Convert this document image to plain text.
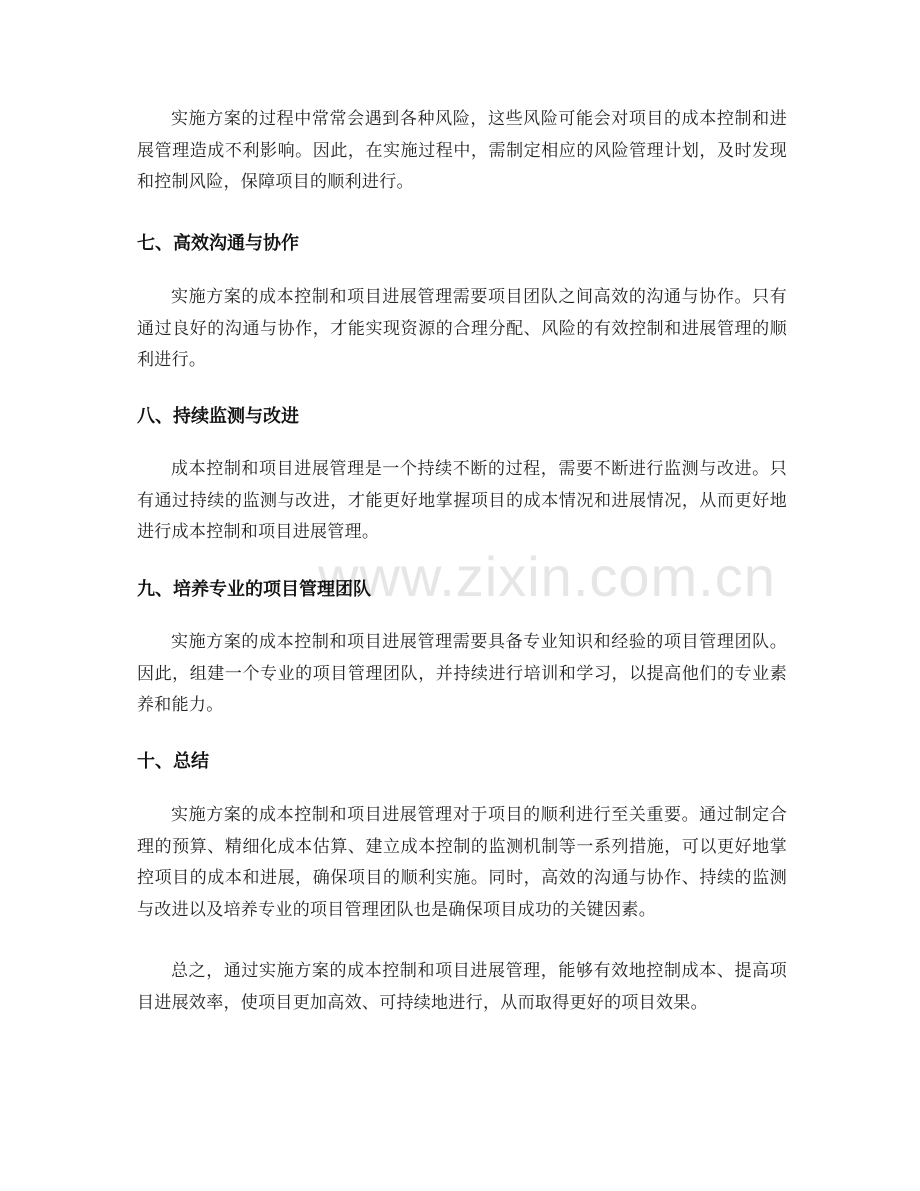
www.zixin.com.cn

实施方案的过程中常常会遇到各种风险，这些风险可能会对项目的成本控制和进展管理造成不利影响。因此，在实施过程中，需制定相应的风险管理计划，及时发现和控制风险，保障项目的顺利进行。

七、高效沟通与协作

实施方案的成本控制和项目进展管理需要项目团队之间高效的沟通与协作。只有通过良好的沟通与协作，才能实现资源的合理分配、风险的有效控制和进展管理的顺利进行。

八、持续监测与改进

成本控制和项目进展管理是一个持续不断的过程，需要不断进行监测与改进。只有通过持续的监测与改进，才能更好地掌握项目的成本情况和进展情况，从而更好地进行成本控制和项目进展管理。

九、培养专业的项目管理团队

实施方案的成本控制和项目进展管理需要具备专业知识和经验的项目管理团队。因此，组建一个专业的项目管理团队，并持续进行培训和学习，以提高他们的专业素养和能力。

十、总结

实施方案的成本控制和项目进展管理对于项目的顺利进行至关重要。通过制定合理的预算、精细化成本估算、建立成本控制的监测机制等一系列措施，可以更好地掌控项目的成本和进展，确保项目的顺利实施。同时，高效的沟通与协作、持续的监测与改进以及培养专业的项目管理团队也是确保项目成功的关键因素。

总之，通过实施方案的成本控制和项目进展管理，能够有效地控制成本、提高项目进展效率，使项目更加高效、可持续地进行，从而取得更好的项目效果。
